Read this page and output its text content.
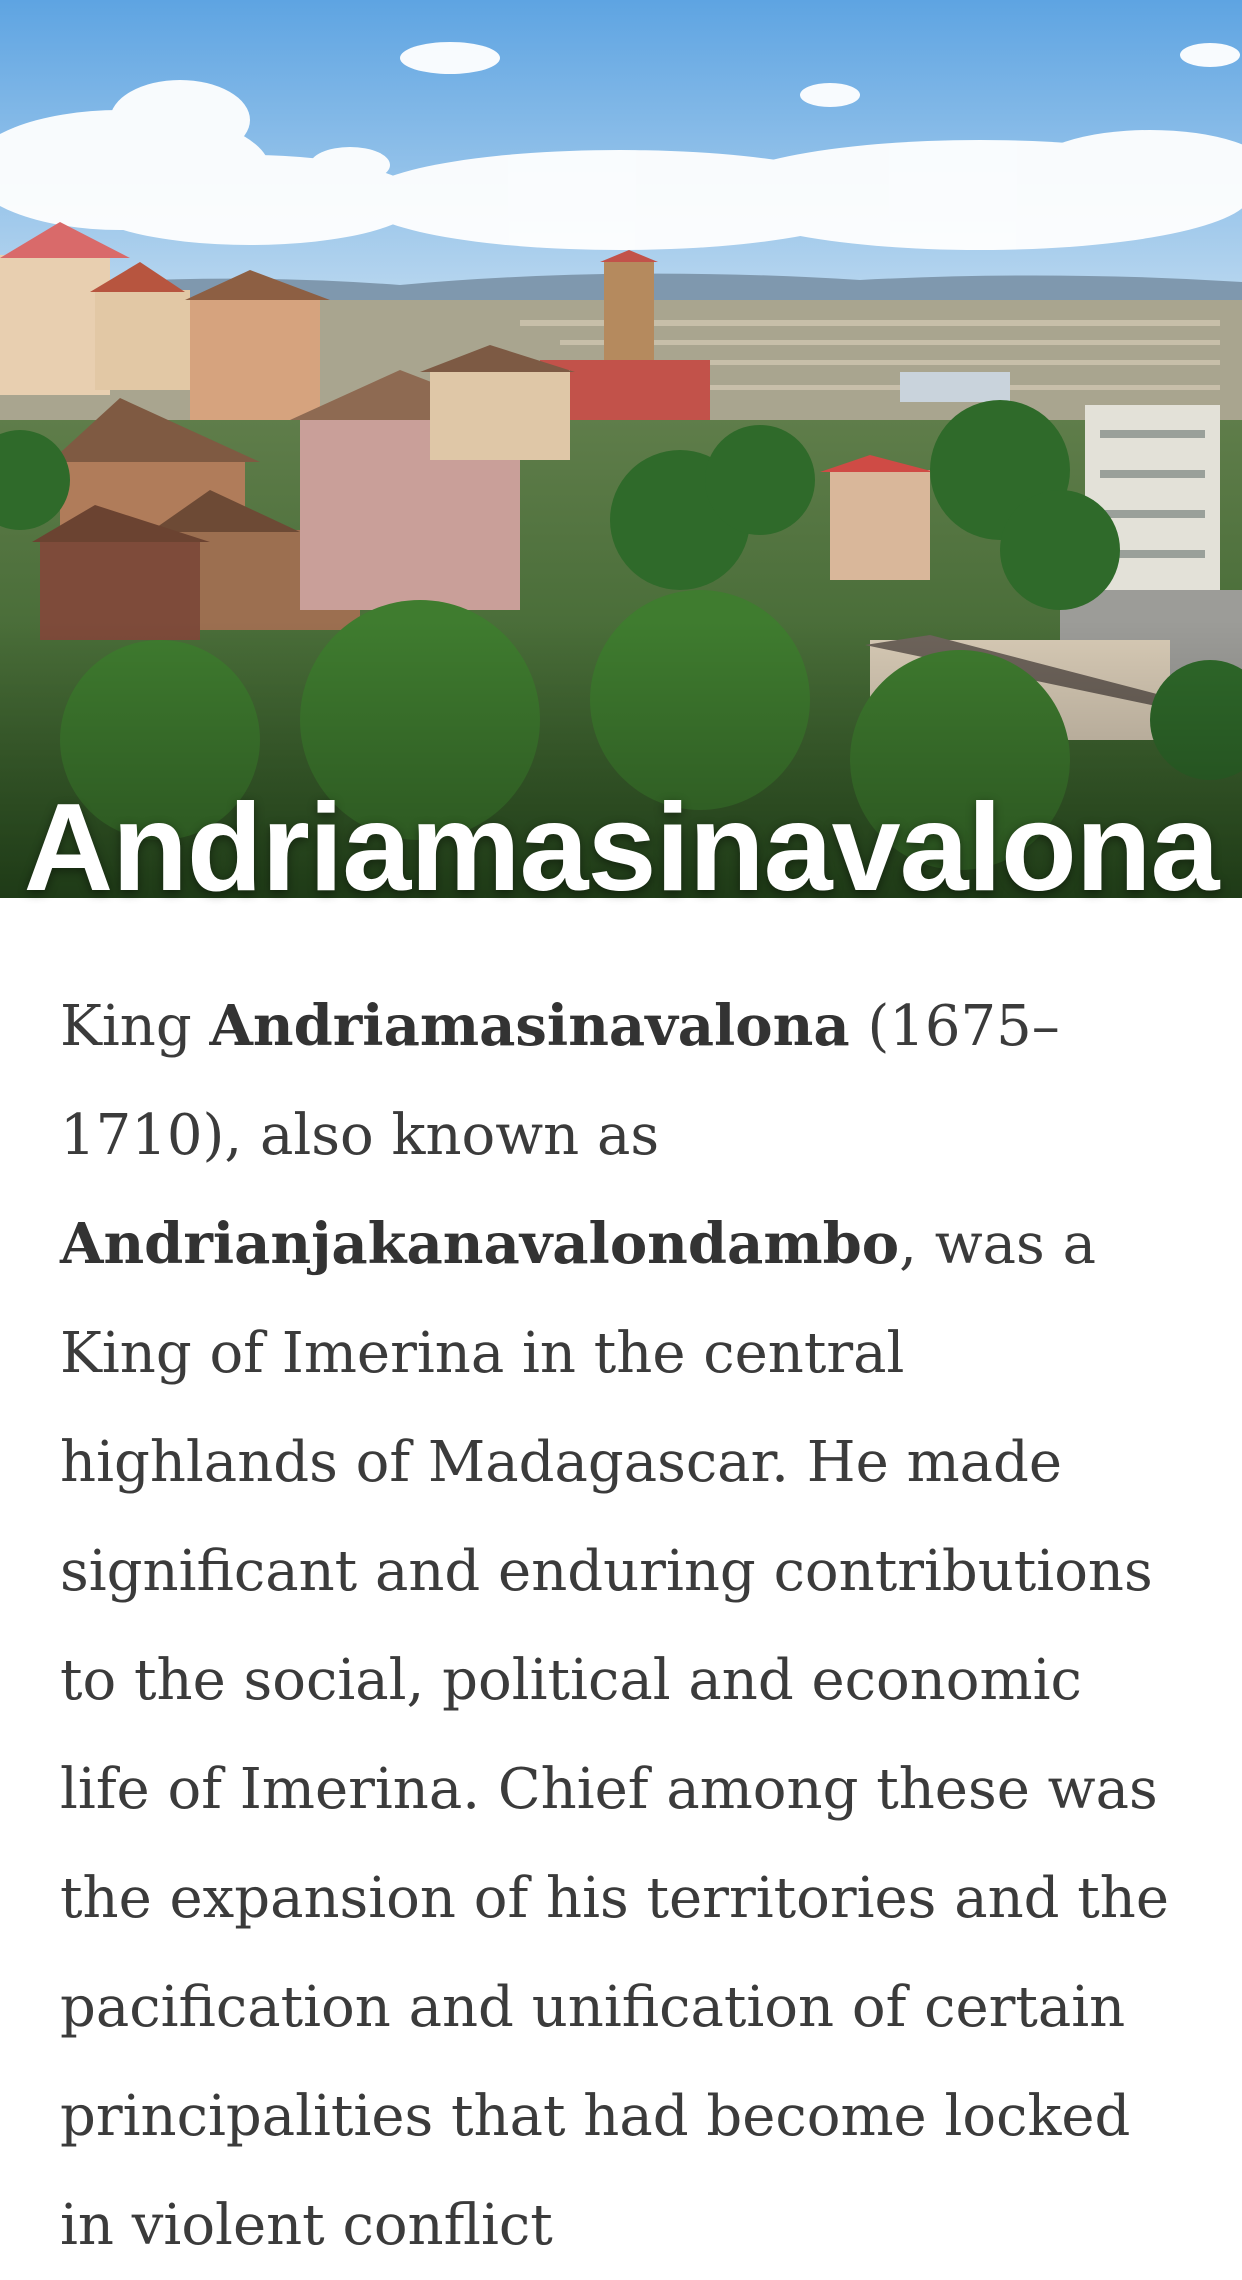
Andriamasinavalona

King Andriamasinavalona (1675–1710), also known as Andrianjakanavalondambo, was a King of Imerina in the central highlands of Madagascar. He made significant and enduring contributions to the social, political and economic life of Imerina. Chief among these was the expansion of his territories and the pacification and unification of certain principalities that had become locked in violent conflict
